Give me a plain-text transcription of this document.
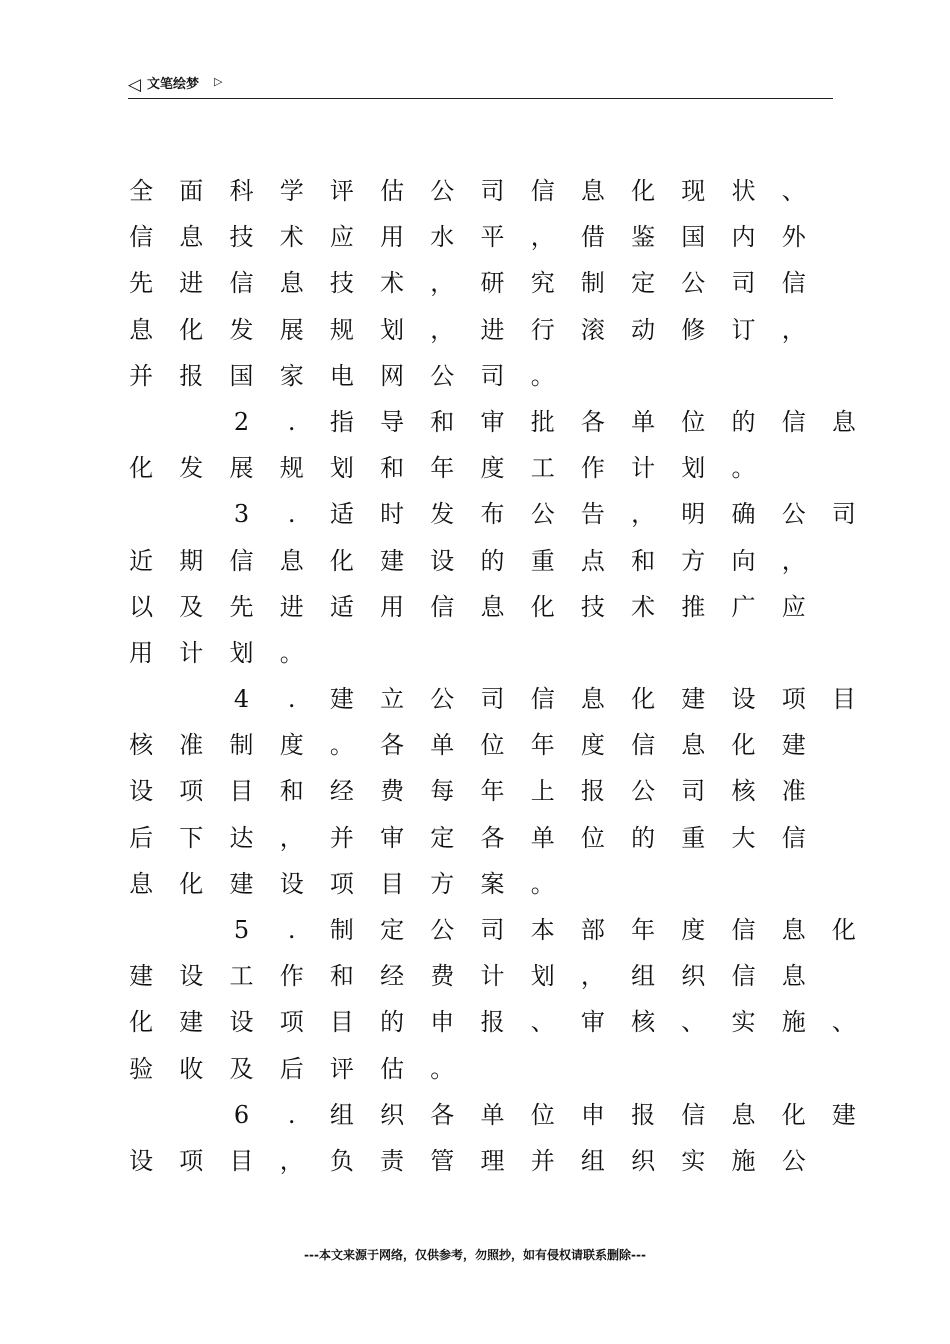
◁ 文笔绘梦 ▷
全	面	科	学	评	估	公	司	信	息	化	现	状	、
信	息	技	术	应	用	水	平	，	借	鉴	国	内	外
先	进	信	息	技	术	，	研	究	制	定	公	司	信
息	化	发	展	规	划	，	进	行	滚	动	修	订	，
并	报	国	家	电	网	公	司	。
2	.	指	导	和	审	批	各	单	位	的	信	息
化	发	展	规	划	和	年	度	工	作	计	划	。
3	.	适	时	发	布	公	告	，	明	确	公	司
近	期	信	息	化	建	设	的	重	点	和	方	向	，
以	及	先	进	适	用	信	息	化	技	术	推	广	应
用	计	划	。
4	.	建	立	公	司	信	息	化	建	设	项	目
核	准	制	度	。	各	单	位	年	度	信	息	化	建
设	项	目	和	经	费	每	年	上	报	公	司	核	准
后	下	达	，	并	审	定	各	单	位	的	重	大	信
息	化	建	设	项	目	方	案	。
5	.	制	定	公	司	本	部	年	度	信	息	化
建	设	工	作	和	经	费	计	划	，	组	织	信	息
化	建	设	项	目	的	申	报	、	审	核	、	实	施	、
验	收	及	后	评	估	。
6	.	组	织	各	单	位	申	报	信	息	化	建
设	项	目	，	负	责	管	理	并	组	织	实	施	公
---本文来源于网络，仅供参考，勿照抄，如有侵权请联系删除---
